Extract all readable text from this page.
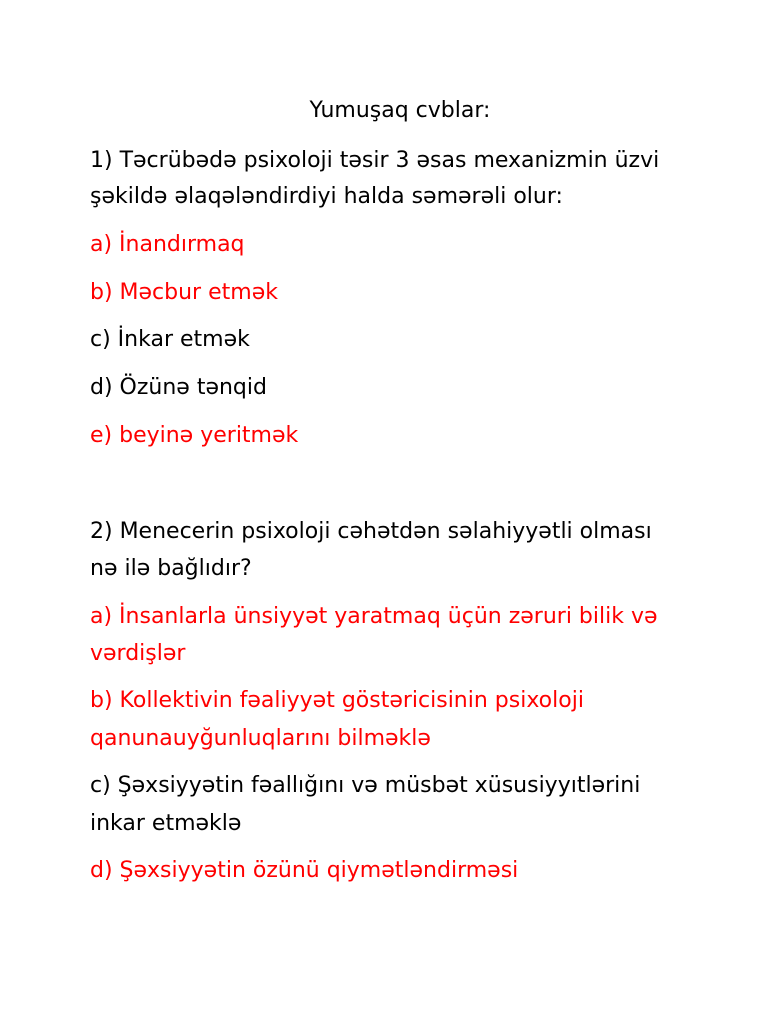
Yumuşaq cvblar:

1) Təcrübədə psixoloji təsir 3 əsas mexanizmin üzvi

şəkildə əlaqələndirdiyi halda səmərəli olur:

a) İnandırmaq

b) Məcbur etmək

c) İnkar etmək

d) Özünə tənqid

e) beyinə yeritmək

2) Menecerin psixoloji cəhətdən səlahiyyətli olması

nə ilə bağlıdır?

a) İnsanlarla ünsiyyət yaratmaq üçün zəruri bilik və

vərdişlər

b) Kollektivin fəaliyyət göstəricisinin psixoloji

qanunauyğunluqlarını bilməklə

c) Şəxsiyyətin fəallığını və müsbət xüsusiyyıtlərini

inkar etməklə

d) Şəxsiyyətin özünü qiymətləndirməsi
